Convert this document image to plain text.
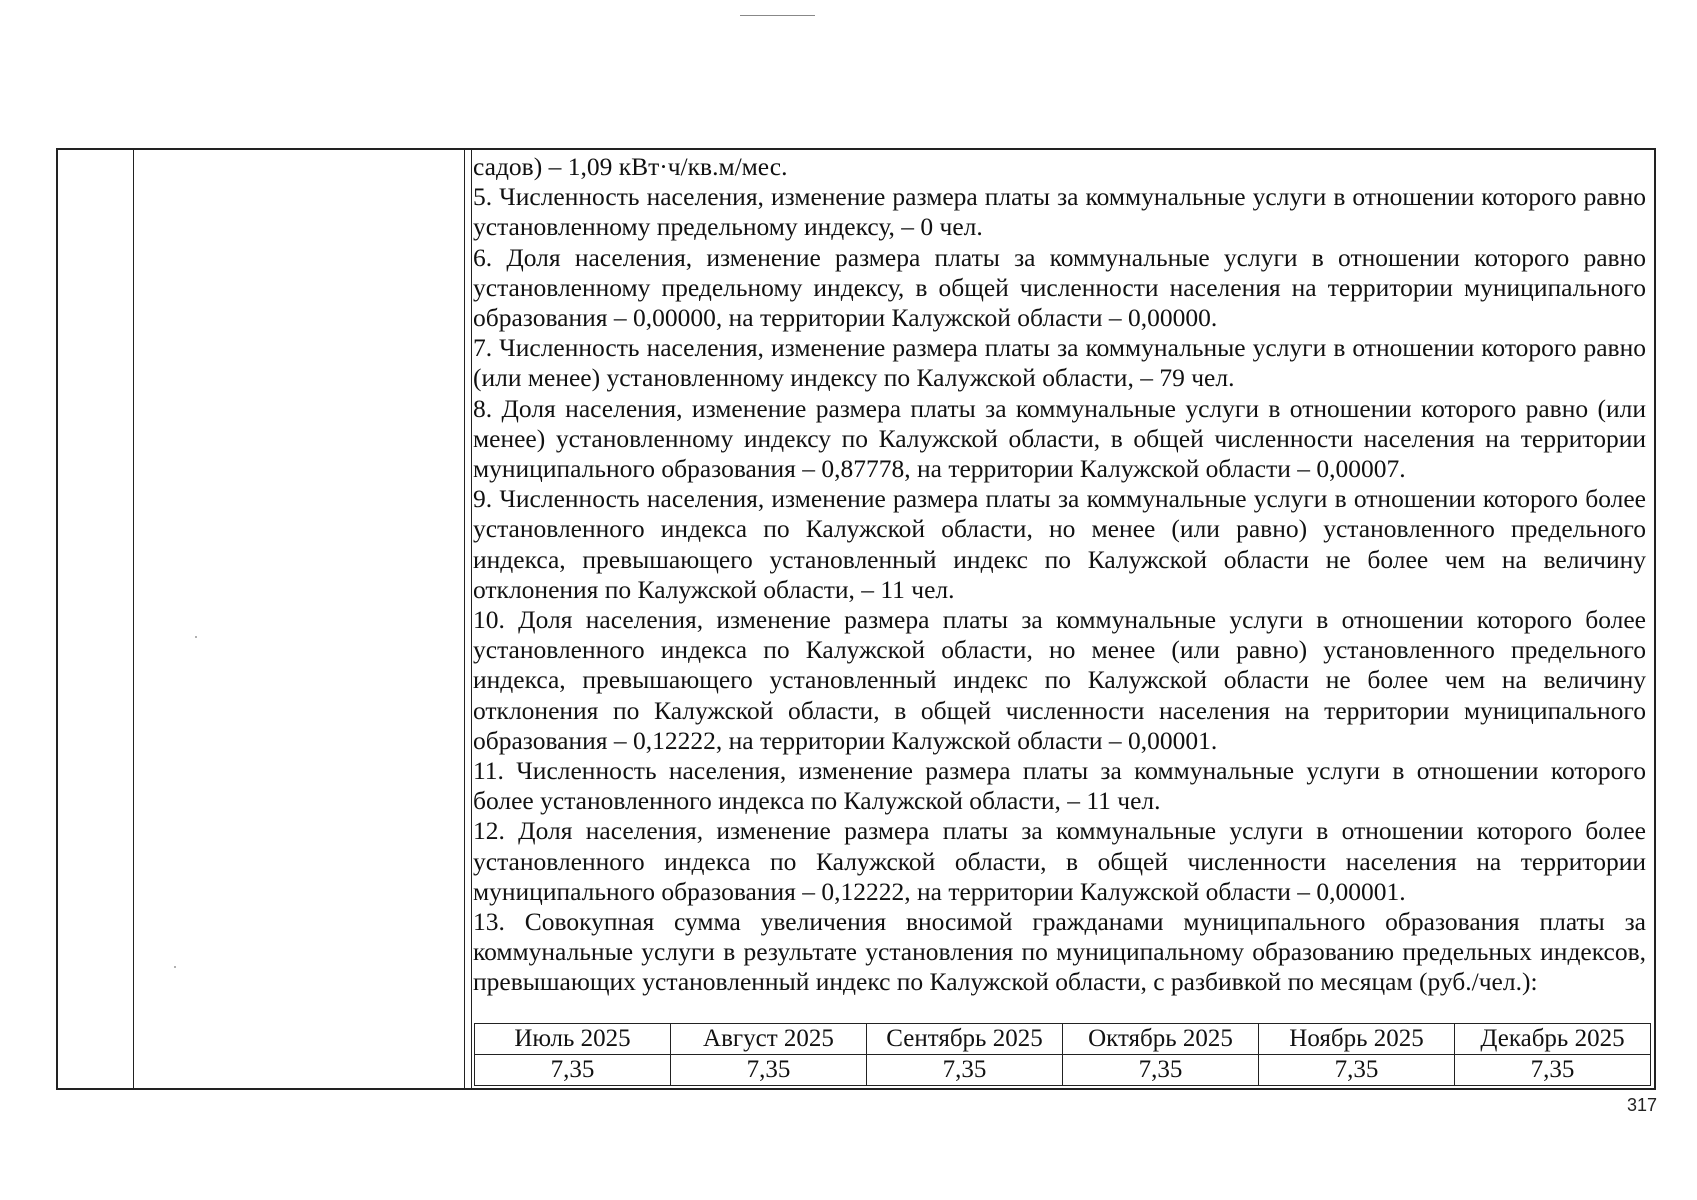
садов) – 1,09 кВт·ч/кв.м/мес.

5. Численность населения, изменение размера платы за коммунальные услуги в отношении которого равно установленному предельному индексу, – 0 чел.

6. Доля населения, изменение размера платы за коммунальные услуги в отношении которого равно установленному предельному индексу, в общей численности населения на территории муниципального образования – 0,00000, на территории Калужской области – 0,00000.

7. Численность населения, изменение размера платы за коммунальные услуги в отношении которого равно (или менее) установленному индексу по Калужской области, – 79 чел.

8. Доля населения, изменение размера платы за коммунальные услуги в отношении которого равно (или менее) установленному индексу по Калужской области, в общей численности населения на территории муниципального образования – 0,87778, на территории Калужской области – 0,00007.

9. Численность населения, изменение размера платы за коммунальные услуги в отношении которого более установленного индекса по Калужской области, но менее (или равно) установленного предельного индекса, превышающего установленный индекс по Калужской области не более чем на величину отклонения по Калужской области, – 11 чел.

10. Доля населения, изменение размера платы за коммунальные услуги в отношении которого более установленного индекса по Калужской области, но менее (или равно) установленного предельного индекса, превышающего установленный индекс по Калужской области не более чем на величину отклонения по Калужской области, в общей численности населения на территории муниципального образования – 0,12222, на территории Калужской области – 0,00001.

11. Численность населения, изменение размера платы за коммунальные услуги в отношении которого более установленного индекса по Калужской области, – 11 чел.

12. Доля населения, изменение размера платы за коммунальные услуги в отношении которого более установленного индекса по Калужской области, в общей численности населения на территории муниципального образования – 0,12222, на территории Калужской области – 0,00001.

13. Совокупная сумма увеличения вносимой гражданами муниципального образования платы за коммунальные услуги в результате установления по муниципальному образованию предельных индексов, превышающих установленный индекс по Калужской области, с разбивкой по месяцам (руб./чел.):

Июль 2025	Август 2025	Сентябрь 2025	Октябрь 2025	Ноябрь 2025	Декабрь 2025
7,35	7,35	7,35	7,35	7,35	7,35
317
